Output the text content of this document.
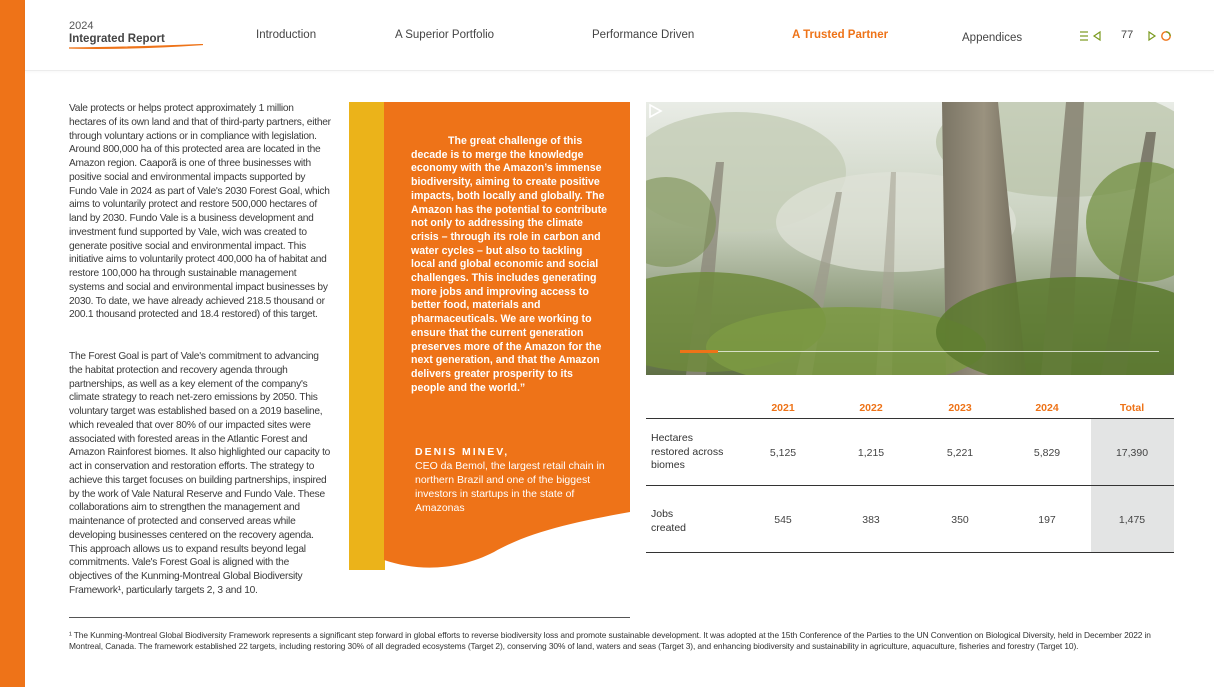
2024
Integrated Report	Introduction	A Superior Portfolio	Performance Driven	A Trusted Partner	Appendices	77
Vale protects or helps protect approximately 1 million hectares of its own land and that of third-party partners, either through voluntary actions or in compliance with legislation. Around 800,000 ha of this protected area are located in the Amazon region. Caaporã is one of three businesses with positive social and environmental impacts supported by Fundo Vale in 2024 as part of Vale's 2030 Forest Goal, which aims to voluntarily protect and restore 500,000 hectares of land by 2030. Fundo Vale is a business development and investment fund supported by Vale, wich was created to generate positive social and environmental impact. This initiative aims to voluntarily protect 400,000 ha of habitat and restore 100,000 ha through sustainable management systems and social and environmental impact businesses by 2030. To date, we have already achieved 218.5 thousand or 200.1 thousand protected and 18.4 restored) of this target.
The Forest Goal is part of Vale's commitment to advancing the habitat protection and recovery agenda through partnerships, as well as a key element of the company's climate strategy to reach net-zero emissions by 2050. This voluntary target was established based on a 2019 baseline, which revealed that over 80% of our impacted sites were associated with forested areas in the Atlantic Forest and Amazon Rainforest biomes. It also highlighted our capacity to act in conservation and restoration efforts. The strategy to achieve this target focuses on building partnerships, inspired by the work of Vale Natural Reserve and Fundo Vale. These collaborations aim to strengthen the management and maintenance of protected and conserved areas while developing businesses centered on the recovery agenda. This approach allows us to expand results beyond legal commitments. Vale's Forest Goal is aligned with the objectives of the Kunming-Montreal Global Biodiversity Framework¹, particularly targets 2, 3 and 10.
The great challenge of this decade is to merge the knowledge economy with the Amazon’s immense biodiversity, aiming to create positive impacts, both locally and globally. The Amazon has the potential to contribute not only to addressing the climate crisis – through its role in carbon and water cycles – but also to tackling local and global economic and social challenges. This includes generating more jobs and improving access to better food, materials and pharmaceuticals. We are working to ensure that the current generation preserves more of the Amazon for the next generation, and that the Amazon delivers greater prosperity to its people and the world.”
DENIS MINEV,
CEO da Bemol, the largest retail chain in northern Brazil and one of the biggest investors in startups in the state of Amazonas
2021	2022	2023	2024	Total
Hectares restored across biomes
5,125	1,215	5,221	5,829	17,390
Jobs created
545	383	350	197	1,475
¹ The Kunming-Montreal Global Biodiversity Framework represents a significant step forward in global efforts to reverse biodiversity loss and promote sustainable development. It was adopted at the 15th Conference of the Parties to the UN Convention on Biological Diversity, held in December 2022 in Montreal, Canada. The framework established 22 targets, including restoring 30% of all degraded ecosystems (Target 2), conserving 30% of land, waters and seas (Target 3), and enhancing biodiversity and sustainability in agriculture, aquaculture, fisheries and forestry (Target 10).
